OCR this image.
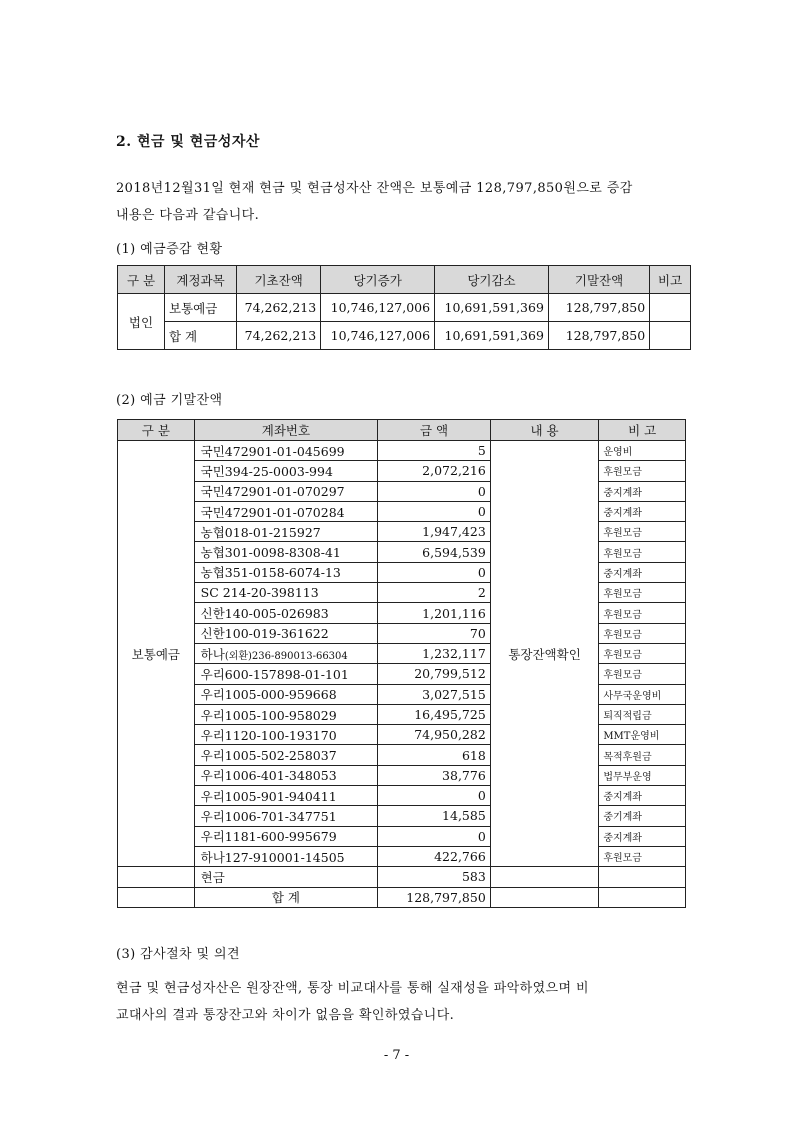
2. 현금 및 현금성자산
2018년12월31일 현재 현금 및 현금성자산 잔액은 보통예금 128,797,850원으로 증감
내용은 다음과 같습니다.
(1) 예금증감 현황
구 분	계정과목	기초잔액	당기증가	당기감소	기말잔액	비고
법인	보통예금	74,262,213	10,746,127,006	10,691,591,369	128,797,850	
	합 계	74,262,213	10,746,127,006	10,691,591,369	128,797,850	
(2) 예금 기말잔액
구 분	계좌번호	금 액	내 용	비 고
보통예금	국민472901-01-045699	5	통장잔액확인	운영비
	국민394-25-0003-994	2,072,216		후원모금
	국민472901-01-070297	0		중지계좌
	국민472901-01-070284	0		중지계좌
	농협018-01-215927	1,947,423		후원모금
	농협301-0098-8308-41	6,594,539		후원모금
	농협351-0158-6074-13	0		중지계좌
	SC 214-20-398113	2		후원모금
	신한140-005-026983	1,201,116		후원모금
	신한100-019-361622	70		후원모금
	하나(외환)236-890013-66304	1,232,117		후원모금
	우리600-157898-01-101	20,799,512		후원모금
	우리1005-000-959668	3,027,515		사무국운영비
	우리1005-100-958029	16,495,725		퇴직적립금
	우리1120-100-193170	74,950,282		MMT운영비
	우리1005-502-258037	618		목적후원금
	우리1006-401-348053	38,776		법무부운영
	우리1005-901-940411	0		중지계좌
	우리1006-701-347751	14,585		중기계좌
	우리1181-600-995679	0		중지계좌
	하나127-910001-14505	422,766		후원모금
	현금	583		
	합 계	128,797,850		
(3) 감사절차 및 의견
현금 및 현금성자산은 원장잔액, 통장 비교대사를 통해 실재성을 파악하였으며 비
교대사의 결과 통장잔고와 차이가 없음을 확인하였습니다.
- 7 -
